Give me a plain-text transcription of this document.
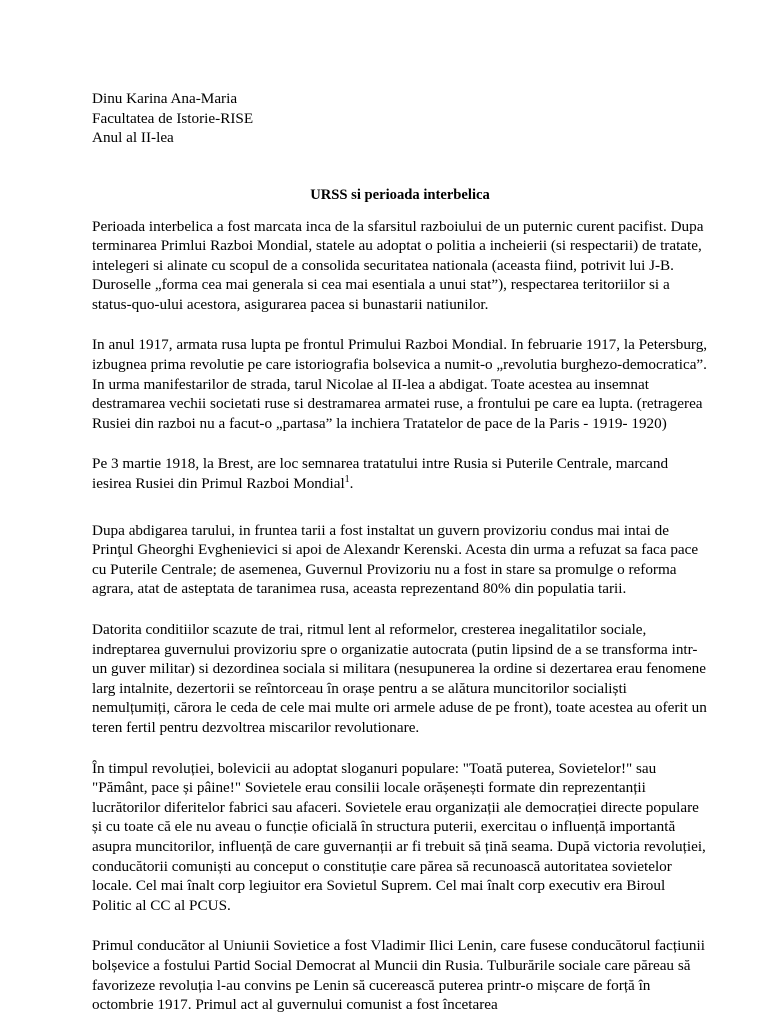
Dinu Karina Ana-Maria
Facultatea de Istorie-RISE
Anul al II-lea
URSS si perioada interbelica

Perioada interbelica a fost marcata inca de la sfarsitul razboiului de un puternic curent pacifist. Dupa terminarea Primlui Razboi Mondial, statele au adoptat o politia a incheierii (si respectarii) de tratate, intelegeri si alinate cu scopul de a consolida securitatea nationala (aceasta fiind, potrivit lui J-B. Duroselle „forma cea mai generala si cea mai esentiala a unui stat”), respectarea teritoriilor si a status-quo-ului acestora, asigurarea pacea si bunastarii natiunilor.

In anul 1917, armata rusa lupta pe frontul Primului Razboi Mondial. In februarie 1917, la Petersburg, izbugnea prima revolutie pe care istoriografia bolsevica a numit-o „revolutia burghezo-democratica”. In urma manifestarilor de strada, tarul Nicolae al II-lea a abdigat. Toate acestea au insemnat destramarea vechii societati ruse si destramarea armatei ruse, a frontului pe care ea lupta. (retragerea Rusiei din razboi nu a facut-o „partasa” la inchiera Tratatelor de pace de la Paris - 1919- 1920)

Pe 3 martie 1918, la Brest, are loc semnarea tratatului intre Rusia si Puterile Centrale, marcand iesirea Rusiei din Primul Razboi Mondial$^1$.

Dupa abdigarea tarului, in fruntea tarii a fost instaltat un guvern provizoriu condus mai intai de Prinţul Gheorghi Evghenievici si apoi de Alexandr Kerenski. Acesta din urma a refuzat sa faca pace cu Puterile Centrale; de asemenea, Guvernul Provizoriu nu a fost in stare sa promulge o reforma agrara, atat de asteptata de taranimea rusa, aceasta reprezentand 80% din populatia tarii.

Datorita conditiilor scazute de trai, ritmul lent al reformelor, cresterea inegalitatilor sociale, indreptarea guvernului provizoriu spre o organizatie autocrata (putin lipsind de a se transforma intr-un guver militar) si dezordinea sociala si militara (nesupunerea la ordine si dezertarea erau fenomene larg intalnite, dezertorii se reîntorceau în orașe pentru a se alătura muncitorilor socialiști nemulțumiți, cărora le ceda de cele mai multe ori armele aduse de pe front), toate acestea au oferit un teren fertil pentru dezvoltrea miscarilor revolutionare.

În timpul revoluției, bolevicii au adoptat sloganuri populare: "Toată puterea, Sovietelor!" sau "Pământ, pace și pâine!" Sovietele erau consilii locale orășenești formate din reprezentanții lucrătorilor diferitelor fabrici sau afaceri. Sovietele erau organizații ale democrației directe populare și cu toate că ele nu aveau o funcție oficială în structura puterii, exercitau o influență importantă asupra muncitorilor, influență de care guvernanții ar fi trebuit să țină seama. După victoria revoluției, conducătorii comuniști au conceput o constituție care părea să recunoască autoritatea sovietelor locale. Cel mai înalt corp legiuitor era Sovietul Suprem. Cel mai înalt corp executiv era Biroul Politic al CC al PCUS.

Primul conducător al Uniunii Sovietice a fost Vladimir Ilici Lenin, care fusese conducătorul facțiunii bolșevice a fostului Partid Social Democrat al Muncii din Rusia. Tulburările sociale care păreau să favorizeze revoluția l-au convins pe Lenin să cucerească puterea printr-o mișcare de forță în octombrie 1917. Primul act al guvernului comunist a fost încetarea
